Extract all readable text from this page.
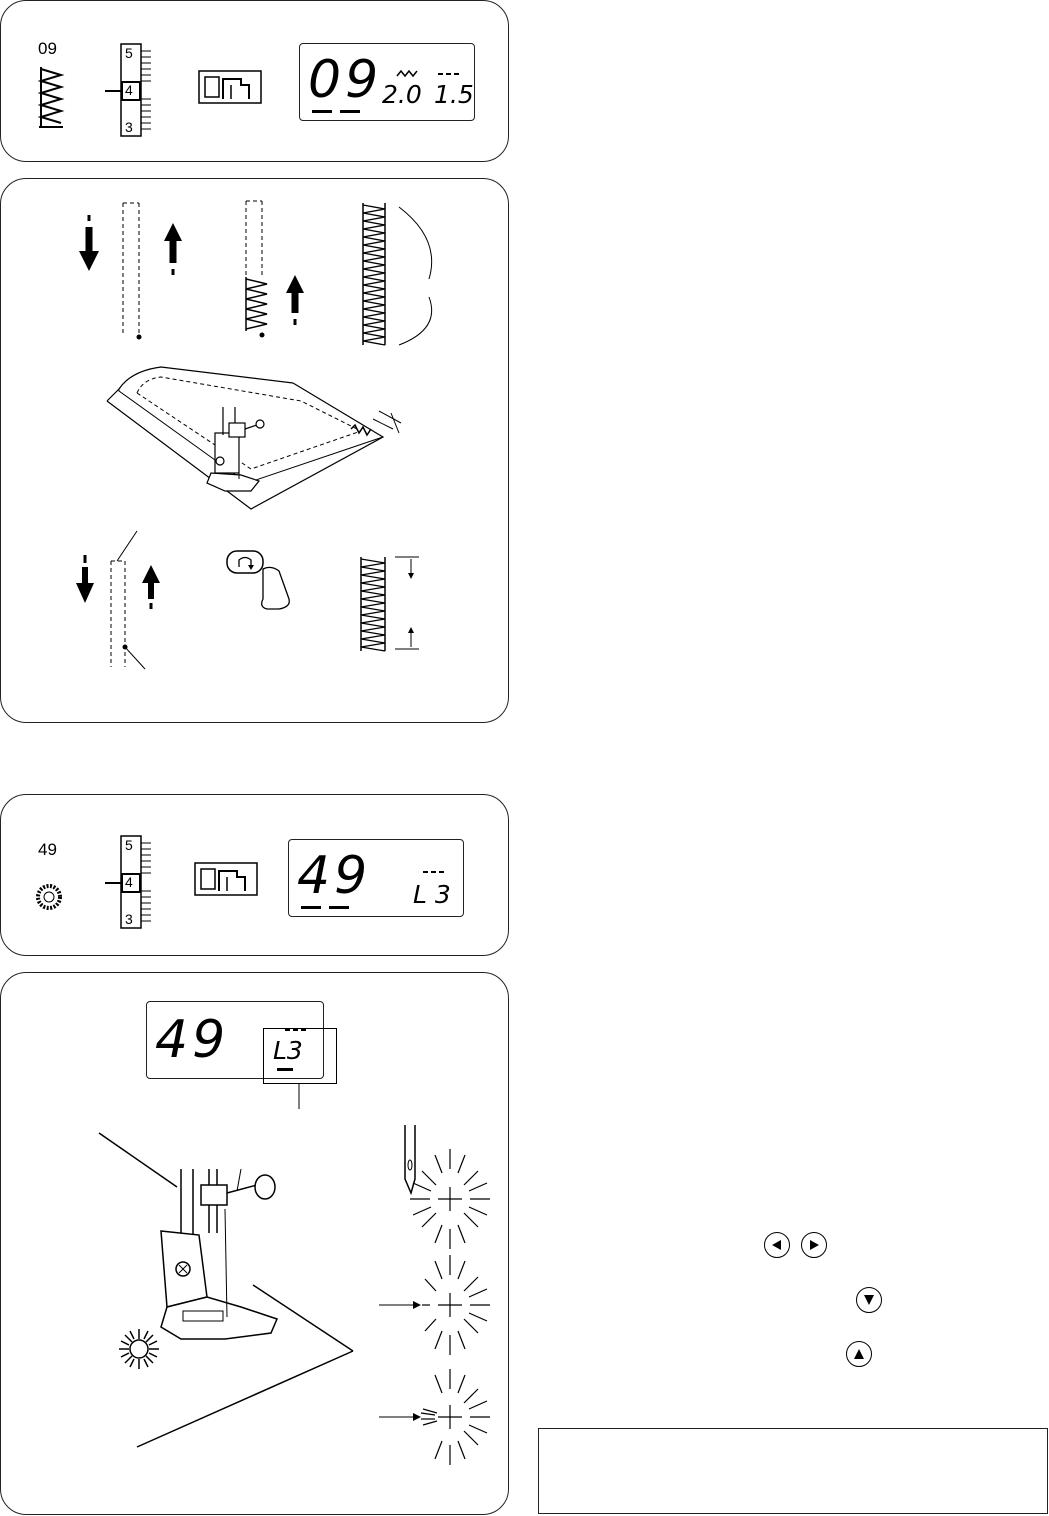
09	5
4
3
09 2.0 1.5
49	5
4
3
49 L 3
49 L3
